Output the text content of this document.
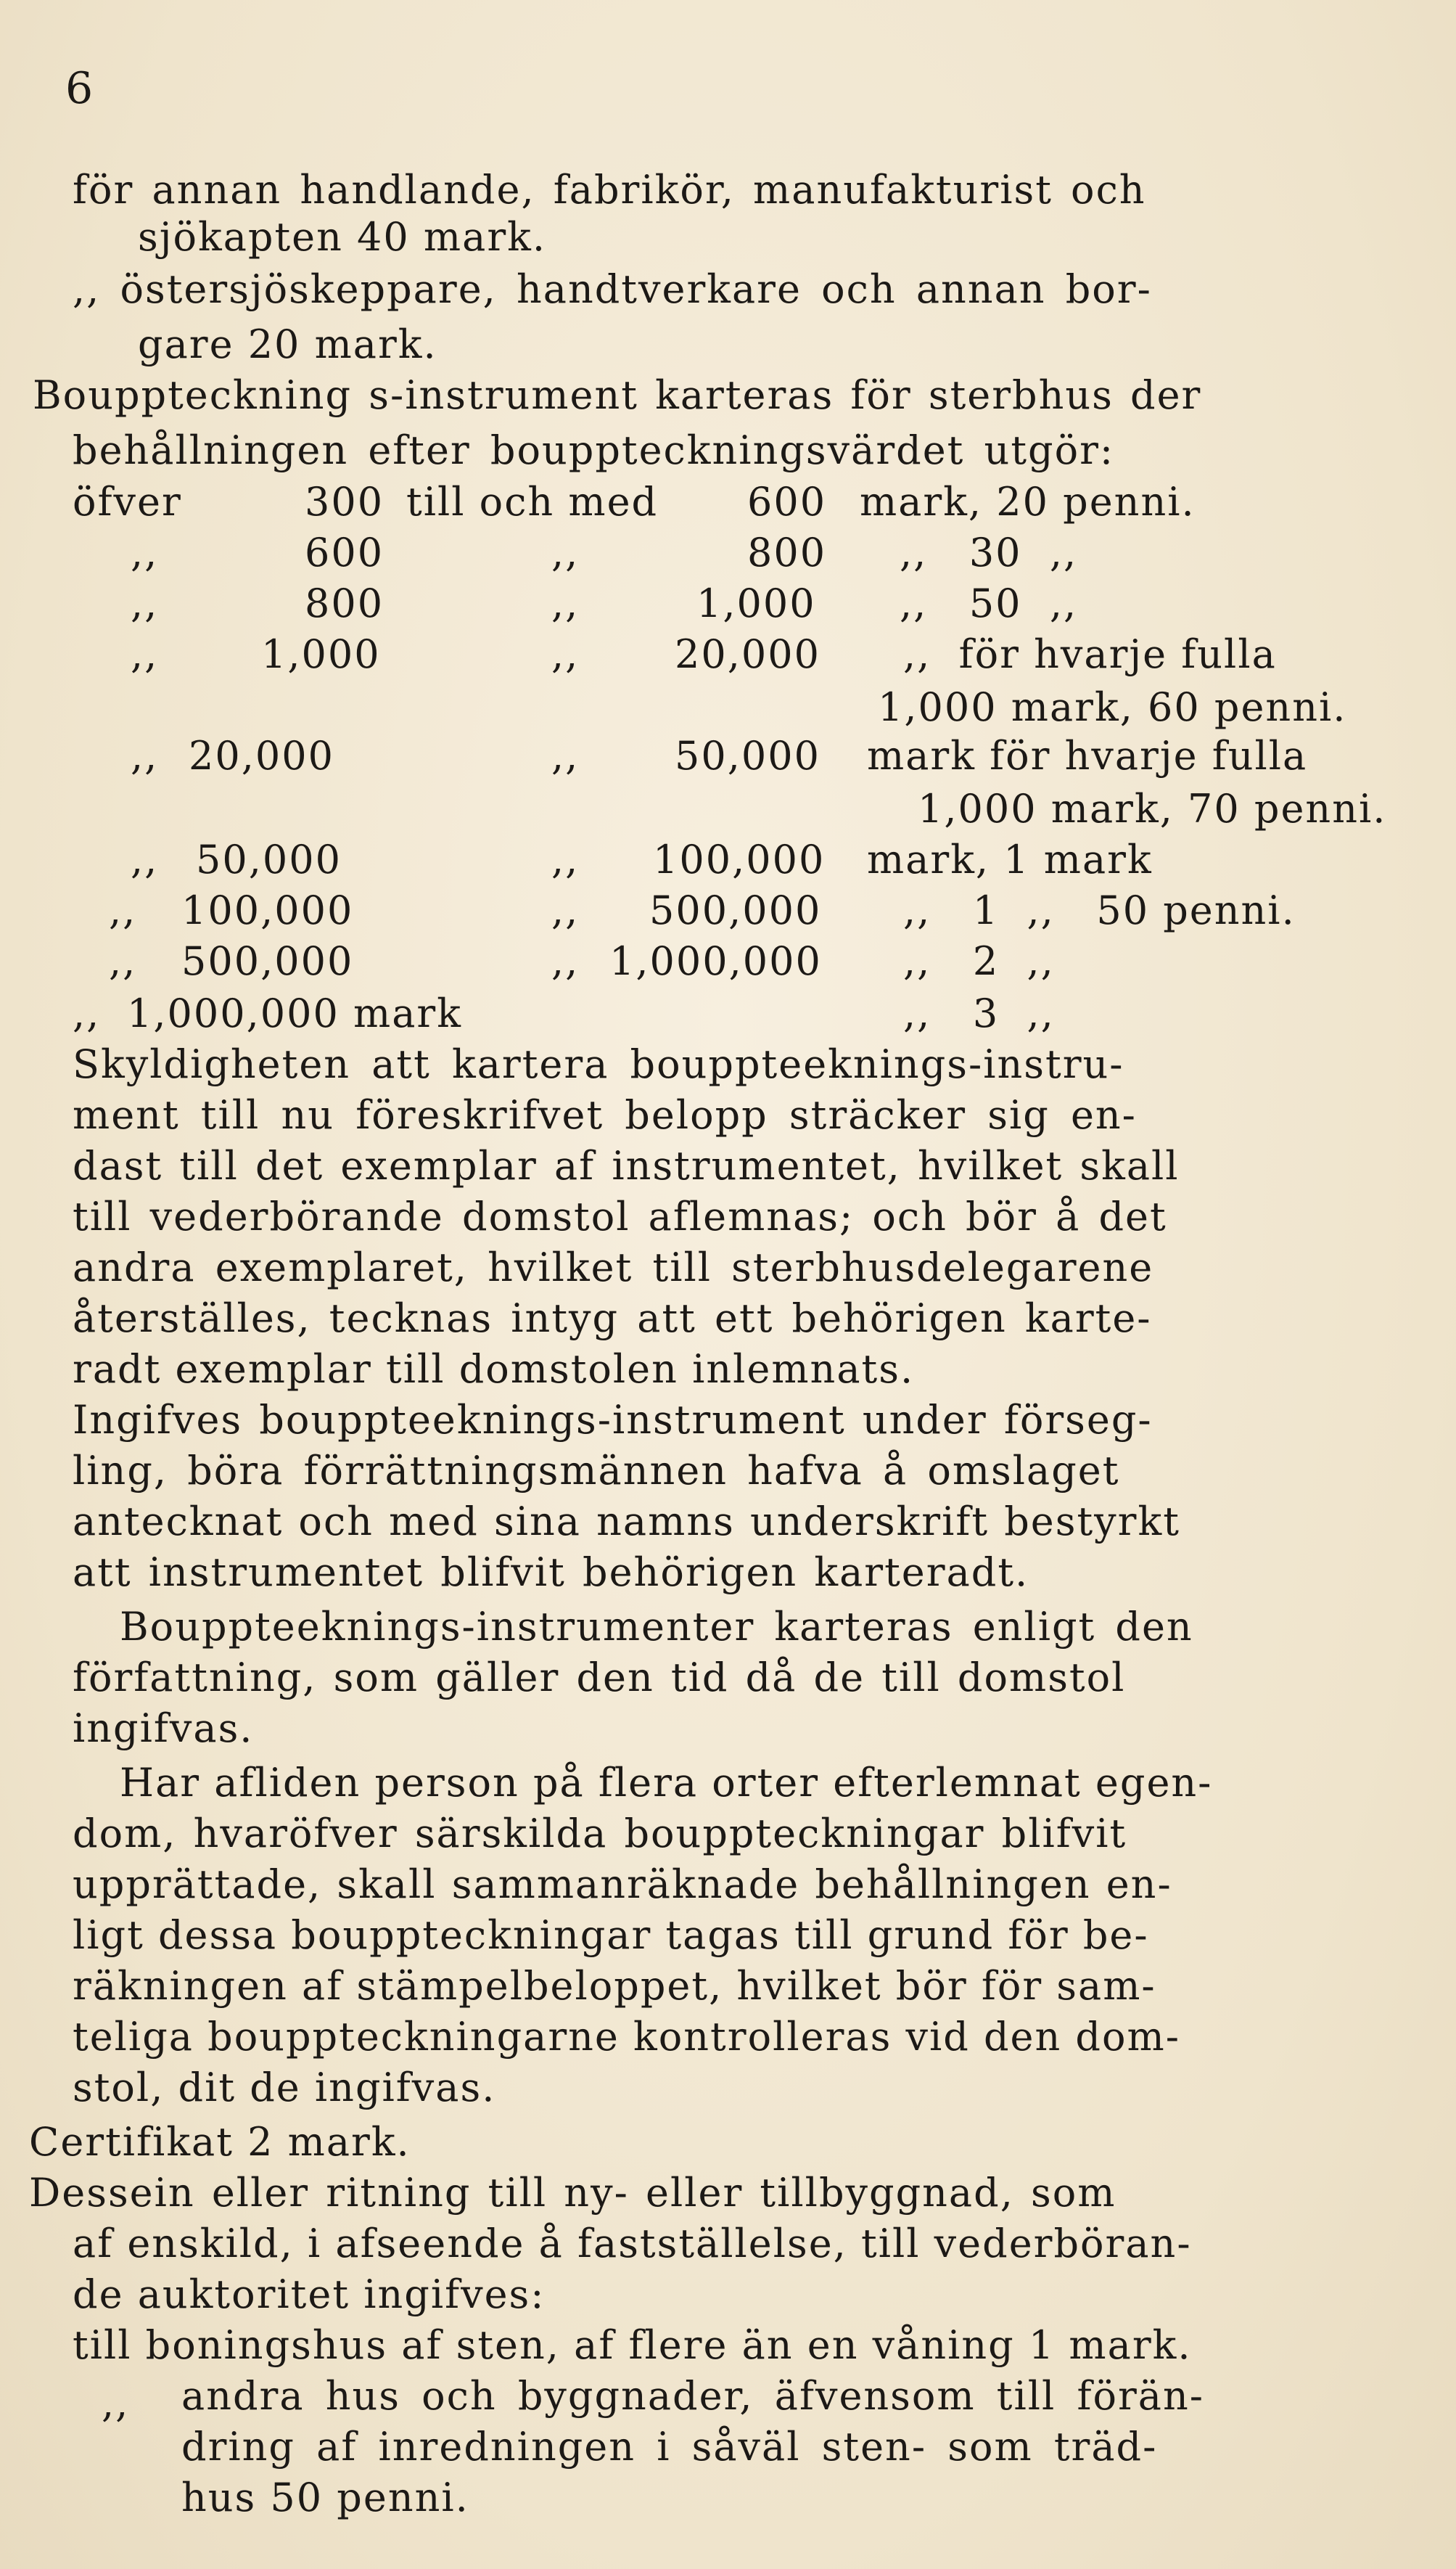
6
för annan handlande, fabrikör, manufakturist och
sjökapten 40 mark.
,, östersjöskeppare, handtverkare och annan bor-
gare 20 mark.
Bouppteckning s-instrument karteras för sterbhus der
behållningen efter bouppteckningsvärdet utgör:
öfver	300 till och med 600 mark, 20 penni.
,,	600	,,	800 ,,   30  ,,
,,	800	,,	1,000 ,,   50  ,,
,,	1,000	,, 20,000 ,,  för hvarje fulla
1,000 mark, 60 penni.
,, 20,000	,, 50,000 mark för hvarje fulla
1,000 mark, 70 penni.
,, 50,000	,, 100,000 mark, 1 mark
,, 100,000	,, 500,000 ,,   1  ,,   50 penni.
,, 500,000	,, 1,000,000 ,,   2  ,,
,, 1,000,000 mark	,,   3  ,,
Skyldigheten att kartera bouppteeknings-instru-
ment till nu föreskrifvet belopp sträcker sig en-
dast till det exemplar af instrumentet, hvilket skall
till vederbörande domstol aflemnas; och bör å det
andra exemplaret, hvilket till sterbhusdelegarene
återställes, tecknas intyg att ett behörigen karte-
radt exemplar till domstolen inlemnats.
Ingifves bouppteeknings-instrument under förseg-
ling, böra förrättningsmännen hafva å omslaget
antecknat och med sina namns underskrift bestyrkt
att instrumentet blifvit behörigen karteradt.
Bouppteeknings-instrumenter karteras enligt den
författning, som gäller den tid då de till domstol
ingifvas.
Har afliden person på flera orter efterlemnat egen-
dom, hvaröfver särskilda bouppteckningar blifvit
upprättade, skall sammanräknade behållningen en-
ligt dessa bouppteckningar tagas till grund för be-
räkningen af stämpelbeloppet, hvilket bör för sam-
teliga bouppteckningarne kontrolleras vid den dom-
stol, dit de ingifvas.
Certifikat 2 mark.
Dessein eller ritning till ny- eller tillbyggnad, som
af enskild, i afseende å fastställelse, till vederböran-
de auktoritet ingifves:
till boningshus af sten, af flere än en våning 1 mark.
,, andra hus och byggnader, äfvensom till förän-
dring af inredningen i såväl sten- som träd-
hus 50 penni.
